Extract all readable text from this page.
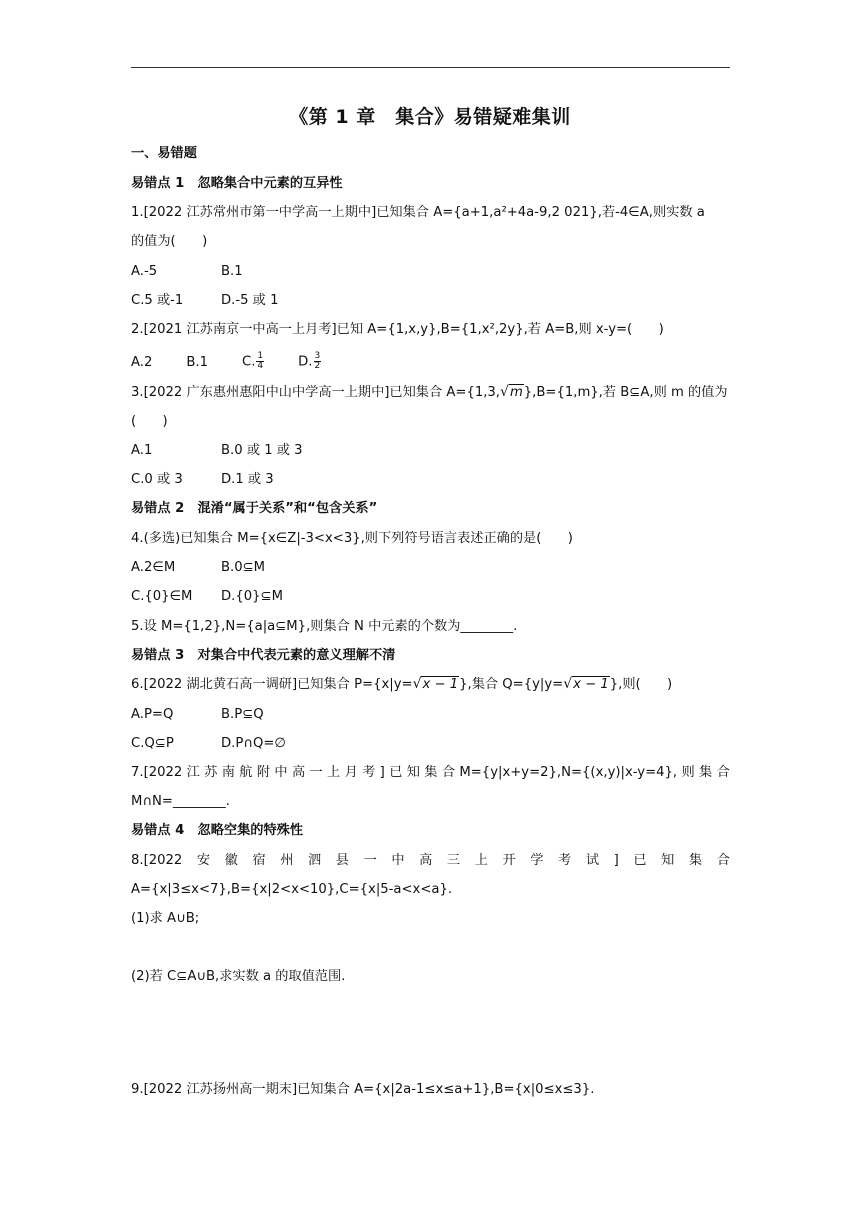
《第 1 章　集合》易错疑难集训
一、易错题
易错点 1　忽略集合中元素的互异性
1.[2022 江苏常州市第一中学高一上期中]已知集合 A={a+1,a²+4a-9,2 021},若-4∈A,则实数 a
的值为(　　)
A.-5	B.1
C.5 或-1	D.-5 或 1
2.[2021 江苏南京一中高一上月考]已知 A={1,x,y},B={1,x²,2y},若 A=B,则 x-y=(　　)
A.2	B.1	C. $\frac{1}{4}$	D. $\frac{3}{2}$
3.[2022 广东惠州惠阳中山中学高一上期中]已知集合 A={1,3, √ m },B={1,m},若 B⊆A,则 m 的值为
(　　)
A.1	B.0 或 1 或 3
C.0 或 3	D.1 或 3
易错点 2　混淆“属于关系”和“包含关系”
4.(多选)已知集合 M={x∈Z|-3<x<3},则下列符号语言表述正确的是(　　)
A.2∈M	B.0⊆M
C.{0}∈M D.{0}⊆M
5.设 M={1,2},N={a|a⊆M},则集合 N 中元素的个数为________.
易错点 3　对集合中代表元素的意义理解不清
6.[2022 湖北黄石高一调研]已知集合 P={x|y= √ x − 1 },集合 Q={y|y= √ x − 1 },则(　　)
A.P=Q	B.P⊆Q
C.Q⊆P	D.P∩Q=∅
7.[2022 江 苏 南 航 附 中 高 一 上 月 考 ] 已 知 集 合 M={y|x+y=2},N={(x,y)|x-y=4}, 则 集 合
M∩N=________.
易错点 4　忽略空集的特殊性
8.[2022 安 徽 宿 州 泗 县 一 中 高 三 上 开 学 考 试 ] 已 知 集 合
A={x|3≤x<7},B={x|2<x<10},C={x|5-a<x<a}.
(1)求 A∪B;
(2)若 C⊆A∪B,求实数 a 的取值范围.
9.[2022 江苏扬州高一期末]已知集合 A={x|2a-1≤x≤a+1},B={x|0≤x≤3}.
